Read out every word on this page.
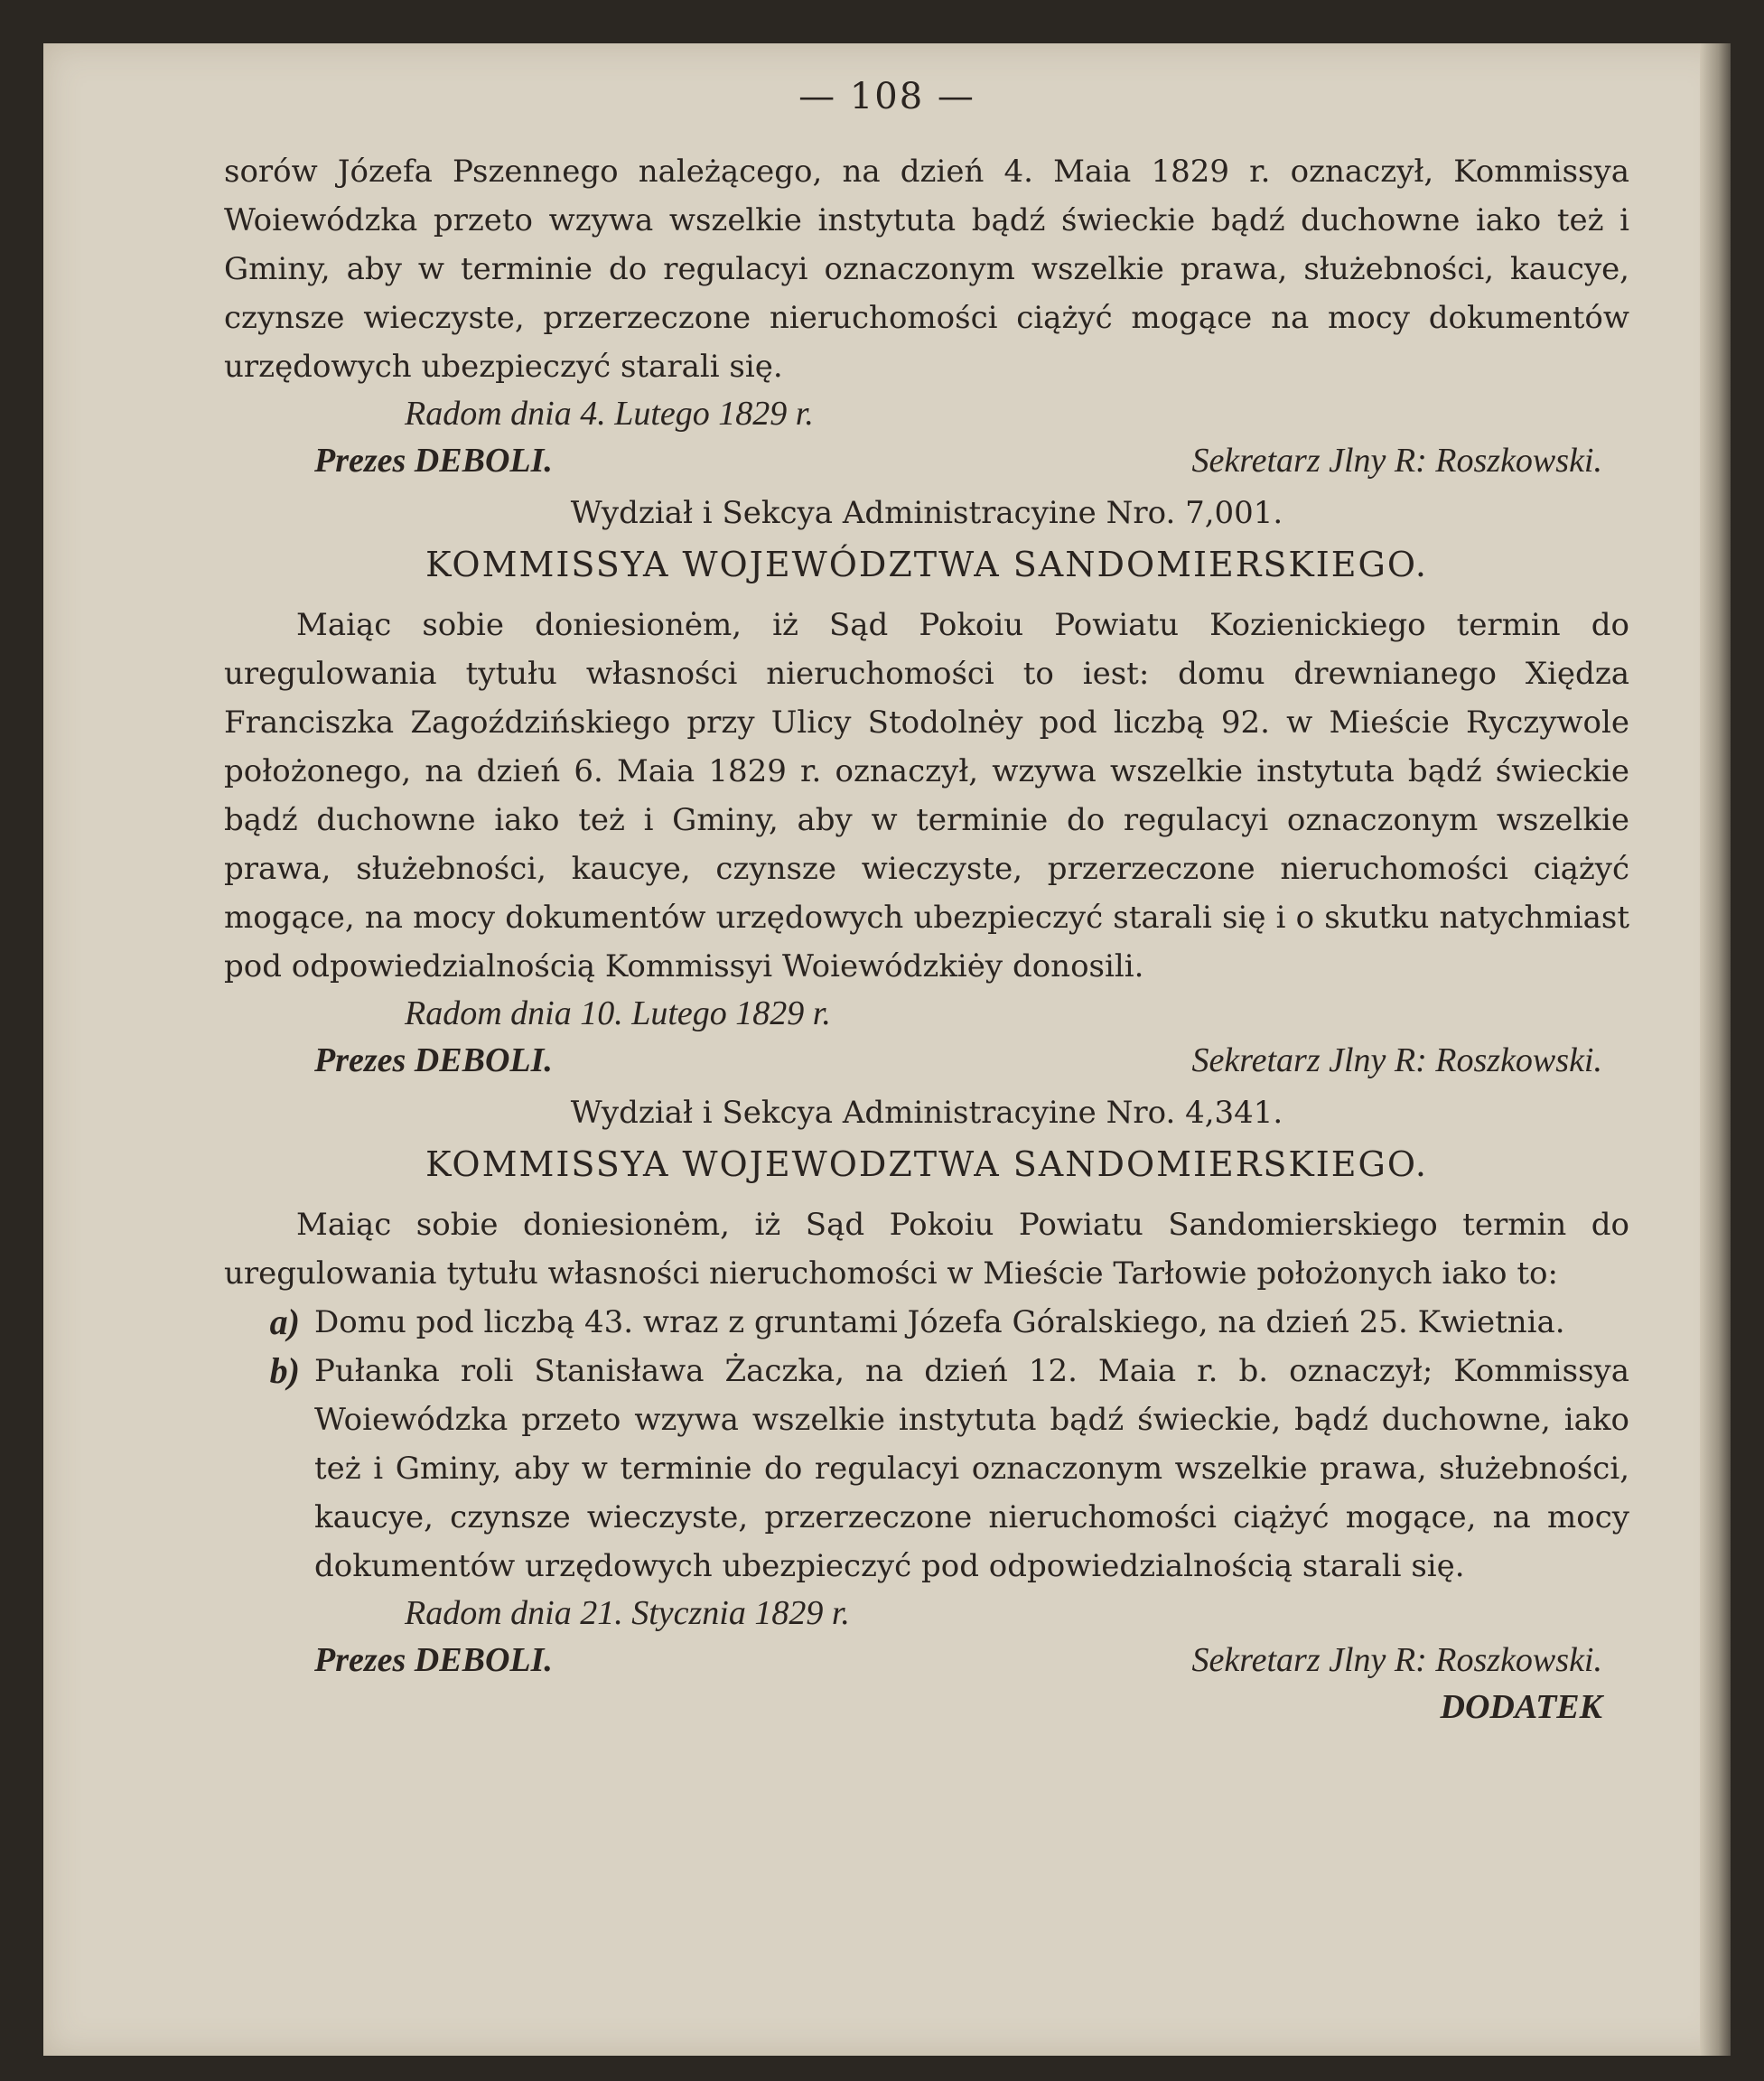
— 108 —

sorów Józefa Pszennego należącego, na dzień 4. Maia 1829 r. oznaczył, Kommissya Woiewódzka przeto wzywa wszelkie instytuta bądź świeckie bądź duchowne iako też i Gminy, aby w terminie do regulacyi oznaczonym wszelkie prawa, służebności, kaucye, czynsze wieczyste, przerzeczone nieruchomości ciążyć mogące na mocy dokumentów urzędowych ubezpieczyć starali się.

Radom dnia 4. Lutego 1829 r.

Prezes DEBOLI.	Sekretarz Jlny R: Roszkowski.

Wydział i Sekcya Administracyine Nro. 7,001.

KOMMISSYA WOJEWÓDZTWA SANDOMIERSKIEGO.

Maiąc sobie doniesionėm, iż Sąd Pokoiu Powiatu Kozienickiego termin do uregulowania tytułu własności nieruchomości to iest: domu drewnianego Xiędza Franciszka Zagoździńskiego przy Ulicy Stodolnėy pod liczbą 92. w Mieście Ryczywole położonego, na dzień 6. Maia 1829 r. oznaczył, wzywa wszelkie instytuta bądź świeckie bądź duchowne iako też i Gminy, aby w terminie do regulacyi oznaczonym wszelkie prawa, służebności, kaucye, czynsze wieczyste, przerzeczone nieruchomości ciążyć mogące, na mocy dokumentów urzędowych ubezpieczyć starali się i o skutku natychmiast pod odpowiedzialnością Kommissyi Woiewódzkiėy donosili.

Radom dnia 10. Lutego 1829 r.

Prezes DEBOLI.	Sekretarz Jlny R: Roszkowski.

Wydział i Sekcya Administracyine Nro. 4,341.

KOMMISSYA WOJEWODZTWA SANDOMIERSKIEGO.

Maiąc sobie doniesionėm, iż Sąd Pokoiu Powiatu Sandomierskiego termin do uregulowania tytułu własności nieruchomości w Mieście Tarłowie położonych iako to:

a) Domu pod liczbą 43. wraz z gruntami Józefa Góralskiego, na dzień 25. Kwietnia.
b) Pułanka roli Stanisława Żaczka, na dzień 12. Maia r. b. oznaczył; Kommissya Woiewódzka przeto wzywa wszelkie instytuta bądź świeckie, bądź duchowne, iako też i Gminy, aby w terminie do regulacyi oznaczonym wszelkie prawa, służebności, kaucye, czynsze wieczyste, przerzeczone nieruchomości ciążyć mogące, na mocy dokumentów urzędowych ubezpieczyć pod odpowiedzialnością starali się.

Radom dnia 21. Stycznia 1829 r.

Prezes DEBOLI.	Sekretarz Jlny R: Roszkowski.
DODATEK
